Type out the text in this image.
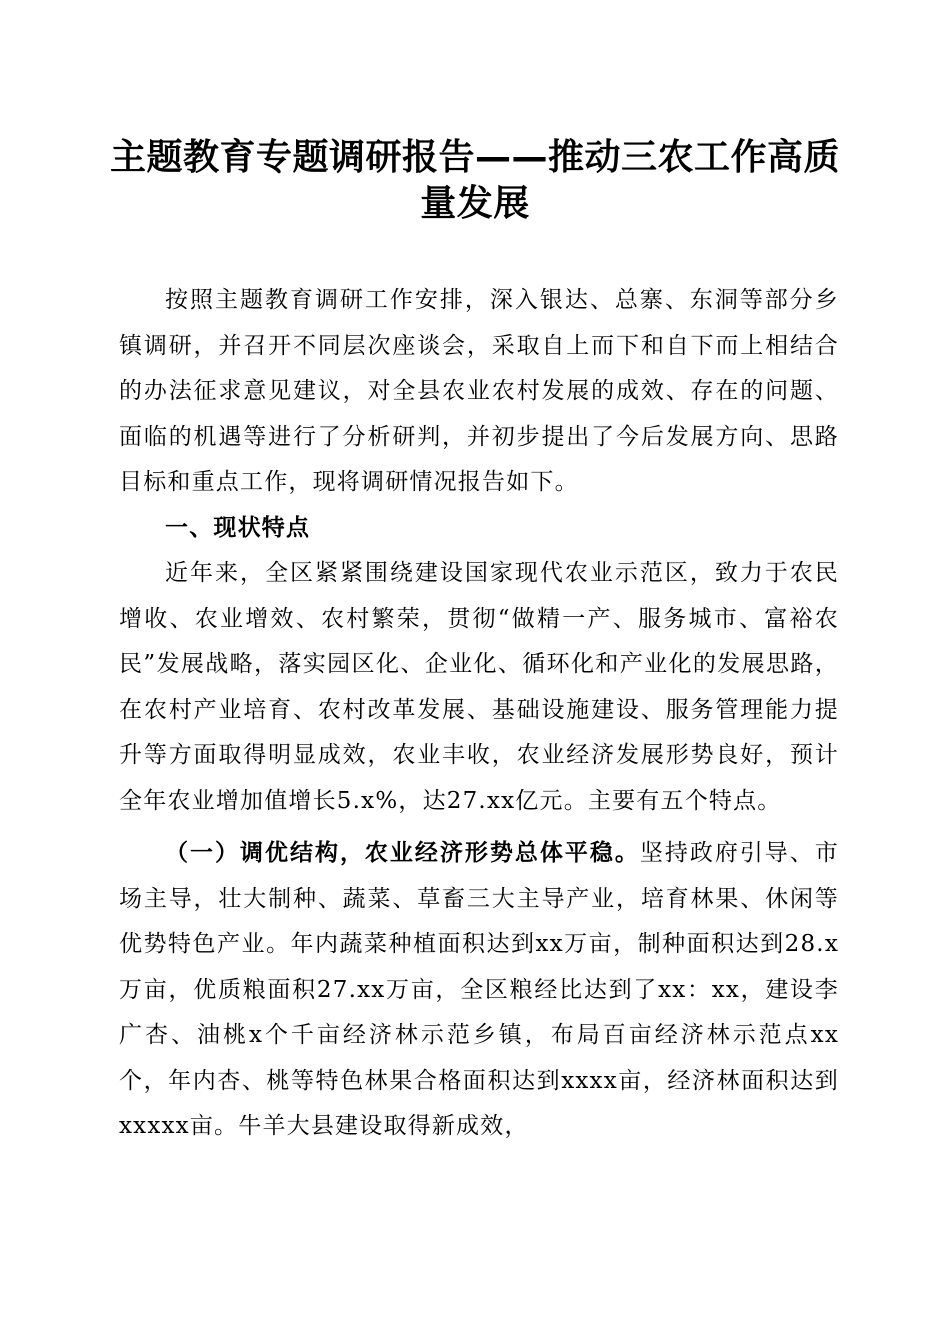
主题教育专题调研报告——推动三农工作高质量发展

按照主题教育调研工作安排，深入银达、总寨、东洞等部分乡镇调研，并召开不同层次座谈会，采取自上而下和自下而上相结合的办法征求意见建议，对全县农业农村发展的成效、存在的问题、面临的机遇等进行了分析研判，并初步提出了今后发展方向、思路目标和重点工作，现将调研情况报告如下。

一、现状特点

近年来，全区紧紧围绕建设国家现代农业示范区，致力于农民增收、农业增效、农村繁荣，贯彻“做精一产、服务城市、富裕农民”发展战略，落实园区化、企业化、循环化和产业化的发展思路，在农村产业培育、农村改革发展、基础设施建设、服务管理能力提升等方面取得明显成效，农业丰收，农业经济发展形势良好，预计全年农业增加值增长5.x%，达27.xx亿元。主要有五个特点。

（一）调优结构，农业经济形势总体平稳。坚持政府引导、市场主导，壮大制种、蔬菜、草畜三大主导产业，培育林果、休闲等优势特色产业。年内蔬菜种植面积达到xx万亩，制种面积达到28.x万亩，优质粮面积27.xx万亩，全区粮经比达到了xx：xx，建设李广杏、油桃x个千亩经济林示范乡镇，布局百亩经济林示范点xx个，年内杏、桃等特色林果合格面积达到xxxx亩，经济林面积达到xxxxx亩。牛羊大县建设取得新成效，
